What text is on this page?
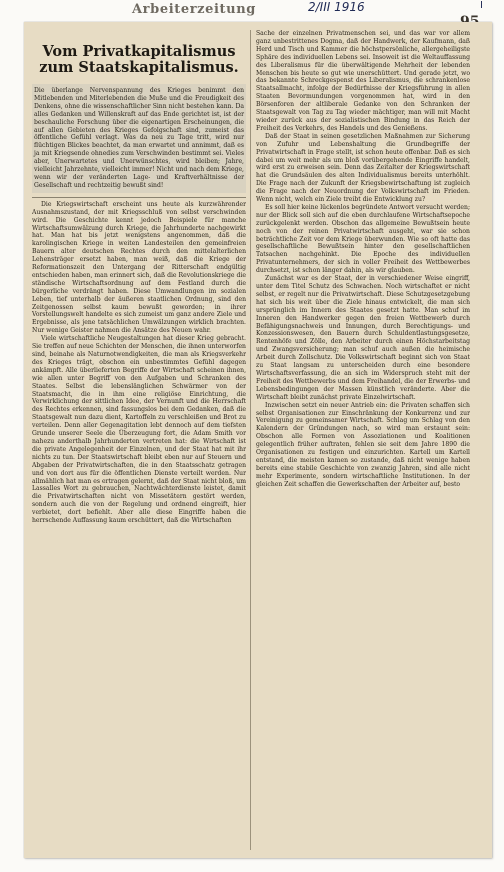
Arbeiterzeitung	2/III 1916	I
Vom Privatkapitalismus zum Staatskapitalismus.

Die überlange Nervenspannung des Krieges benimmt den Mitlebenden und Miterlebenden die Muße und die Freudigkeit des Denkens, ohne die wissenschaftlicher Sinn nicht bestehen kann. Da alles Gedanken und Willenskraft auf das Ende gerichtet ist, ist der beschauliche Forschung über die eigenartigen Erscheinungen, die auf allen Gebieten des Krieges Gefolgschaft sind, zumeist das öffentliche Gefühl verlagt. Was da neu zu Tage tritt, wird nur flüchtigen Blickes beachtet, da man erwartet und annimmt, daß es ja mit Kriegsende ohnedies zum Verschwinden bestimmt sei. Vieles aber, Unerwartetes und Unerwünschtes, wird bleiben; Jahre, vielleicht Jahrzehnte, vielleicht immer! Nicht und nach dem Kriege, wenn wir der veränderten Lage- und Kraftverhältnisse der Gesellschaft und rechtzeitig bewußt sind!

Die Kriegswirtschaft erscheint uns heute als kurzwährender Ausnahmszustand, der mit Kriegsschluß von selbst verschwinden wird. Die Geschichte kennt jedoch Beispiele für manche Wirtschaftsumwälzung durch Kriege, die Jahrhunderte nachgewirkt hat. Man hat bis jetzt wenigstens angenommen, daß die karolingischen Kriege in weiten Landesteilen den gemeinfreien Bauern alter deutschen Rechtes durch den mittelalterlichen Lehensträger ersetzt haben, man weiß, daß die Kriege der Reformationszeit den Untergang der Ritterschaft endgültig entschieden haben, man erinnert sich, daß die Revolutionskriege die ständische Wirtschaftsordnung auf dem Festland durch die bürgerliche verdrängt haben. Diese Umwandlungen im sozialen Leben, tief unterhalb der äußeren staatlichen Ordnung, sind den Zeitgenossen selbst kaum bewußt geworden; in ihrer Vorstellungswelt handelte es sich zumeist um ganz andere Ziele und Ergebnisse, als jene tatsächlichen Umwälzungen wirklich brachten. Nur wenige Geister nahmen die Ansätze des Neuen wahr.

Viele wirtschaftliche Neugestaltungen hat dieser Krieg gebracht. Sie treffen auf neue Schichten der Menschen, die ihnen unterworfen sind, beinahe als Naturnotwendigkeiten, die man als Kriegsverkehr des Krieges trägt, obschon ein unbestimmtes Gefühl dagegen ankämpft. Alle überlieferten Begriffe der Wirtschaft scheinen ihnen, wie allen unter Begriff von den Aufgaben und Schranken des Staates. Selbst die lebenslänglichen Schwärmer von der Staatsmacht, die in ihm eine religiöse Einrichtung, die Verwirklichung der sittlichen Idee, der Vernunft und die Herrschaft des Rechtes erkennen, sind fassungslos bei dem Gedanken, daß die Staatsgewalt nun dazu dient, Kartoffeln zu verschleißen und Brot zu verteilen. Denn aller Gegenagitation lebt dennoch auf dem tiefsten Grunde unserer Seele die Überzeugung fort, die Adam Smith vor nahezu anderthalb Jahrhunderten vertreten hat: die Wirtschaft ist die private Angelegenheit der Einzelnen, und der Staat hat mit ihr nichts zu tun. Der Staatswirtschaft bleibt eben nur auf Steuern und Abgaben der Privatwirtschaften, die in den Staatsschatz getragen und von dort aus für die öffentlichen Dienste verteilt werden. Nur allmählich hat man es ertragen gelernt, daß der Staat nicht bloß, um Lassalles Wort zu gebrauchen, Nachtwächterdienste leistet, damit die Privatwirtschaften nicht von Missetätern gestört werden, sondern auch die von der Regelung und ordnend eingreift, hier verbietet, dort befiehlt. Aber alle diese Eingriffe haben die herrschende Auffassung kaum erschüttert, daß die Wirtschaften

Sache der einzelnen Privatmenschen sei, und das war vor allem ganz unbestrittenes Dogma, daß der Handwerk, der Kaufmann, daß Herd und Tisch und Kammer die höchstpersönliche, allergeheiligste Sphäre des individuellen Lebens sei. Insoweit ist die Weltauffassung des Liberalismus für die überwältigende Mehrheit der lebenden Menschen bis heute so gut wie unerschüttert. Und gerade jetzt, wo das bekannte Schreckgespenst des Liberalismus, die schrankenlose Staatsallmacht, infolge der Bedürfnisse der Kriegsführung in allen Staaten Bevormundungen vorgenommen hat, wird in den Börsenforen der altliberale Gedanke von den Schranken der Staatsgewalt von Tag zu Tag wieder mächtiger, man will mit Macht wieder zurück aus der sozialistischen Bindung in das Reich der Freiheit des Verkehrs, des Handels und des Genießens.

Daß der Staat in seinen gesetzlichen Maßnahmen zur Sicherung von Zufuhr und Lebenshaltung die Grundbegriffe der Privatwirtschaft in Frage stellt, ist schon heute offenbar. Daß es sich dabei um weit mehr als um bloß vorübergehende Eingriffe handelt, wird erst zu erweisen sein. Denn das Zeitalter der Kriegswirtschaft hat die Grundsäulen des alten Individualismus bereits unterhöhlt. Die Frage nach der Zukunft der Kriegsbewirtschaftung ist zugleich die Frage nach der Neuordnung der Volkswirtschaft im Frieden. Wenn nicht, welch ein Ziele treibt die Entwicklung zu?

Es soll hier keine lückenlos begründete Antwort versucht werden; nur der Blick soll sich auf die eben durchlaufene Wirtschaftsepoche zurückgelenkt werden. Obschon das allgemeine Bewußtsein heute noch von der reinen Privatwirtschaft ausgeht, war sie schon beträchtliche Zeit vor dem Kriege überwunden. Wie so oft hatte das gesellschaftliche Bewußtsein hinter den gesellschaftlichen Tatsachen nachgehinkt. Die Epoche des individuellen Privatunternehmers, der sich in voller Freiheit des Wettbewerbes durchsetzt, ist schon länger dahin, als wir glauben.

Zunächst war es der Staat, der in verschiedener Weise eingriff, unter dem Titel Schutz des Schwachen. Noch wirtschaftet er nicht selbst, er regelt nur die Privatwirtschaft. Diese Schutzgesetzgebung hat sich bis weit über die Ziele hinaus entwickelt, die man sich ursprünglich im Innern des Staates gesetzt hatte. Man schuf im Inneren den Handwerker gegen den freien Wettbewerb durch Befähigungsnachweis und Innungen, durch Berechtigungs- und Konzessionswesen, den Bauern durch Schuldentlastungsgesetze, Rentenhöfe und Zölle, den Arbeiter durch einen Höchstarbeitstag und Zwangsversicherung; man schuf auch außen die heimische Arbeit durch Zollschutz. Die Volkswirtschaft beginnt sich von Staat zu Staat langsam zu unterscheiden durch eine besondere Wirtschaftsverfassung, die an sich im Widerspruch steht mit der Freiheit des Wettbewerbs und dem Freihandel, die der Erwerbs- und Lebensbedingungen der Massen künstlich veränderte. Aber die Wirtschaft bleibt zunächst private Einzelwirtschaft.

Inzwischen setzt ein neuer Antrieb ein: die Privaten schaffen sich selbst Organisationen zur Einschränkung der Konkurrenz und zur Vereinigung zu gemeinsamer Wirtschaft. Schlag um Schlag von den Kalendern der Gründungen nach, so wird man erstaunt sein: Obschon alle Formen von Assoziationen und Koalitionen gelegentlich früher auftraten, fehlen sie seit dem Jahre 1890 die Organisationen zu festigen und einzurichten. Kartell um Kartell entstand, die meisten kamen so zustande, daß nicht wenige haben bereits eine stabile Geschichte von zwanzig Jahren, sind alle nicht mehr Experimente, sondern wirtschaftliche Institutionen. In der gleichen Zeit schaffen die Gewerkschaften der Arbeiter auf, besto
